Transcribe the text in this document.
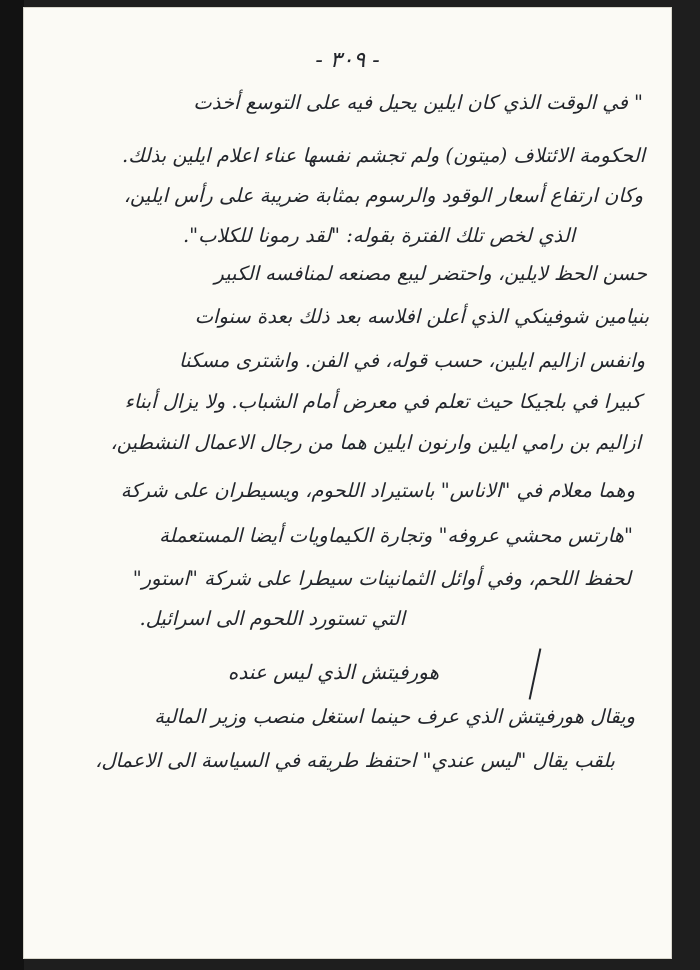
- ٣٠٩ -
" في الوقت الذي كان ايلين يحيل فيه على التوسع أخذت
الحكومة الائتلاف (ميتون) ولم تجشم نفسها عناء اعلام ايلين بذلك.
وكان ارتفاع أسعار الوقود والرسوم بمثابة ضريبة على رأس ايلين،
الذي لخص تلك الفترة بقوله: "لقد رمونا للكلاب".
حسن الحظ لايلين، واحتضر ليبع مصنعه لمنافسه الكبير
بنيامين شوفينكي الذي أعلن افلاسه بعد ذلك بعدة سنوات
وانفس ازاليم ايلين، حسب قوله، في الفن. واشترى مسكنا
كبيرا في بلجيكا حيث تعلم في معرض أمام الشباب. ولا يزال أبناء
ازاليم بن رامي ايلين وارنون ايلين هما من رجال الاعمال النشطين،
وهما معلام في "الاناس" باستيراد اللحوم، ويسيطران على شركة
"هارتس محشي عروفه" وتجارة الكيماويات أيضا المستعملة
لحفظ اللحم، وفي أوائل الثمانينات سيطرا على شركة "استور"
التي تستورد اللحوم الى اسرائيل.
هورفيتش الذي ليس عنده
ويقال هورفيتش الذي عرف حينما استغل منصب وزير المالية
بلقب يقال "ليس عندي" احتفظ طريقه في السياسة الى الاعمال،
